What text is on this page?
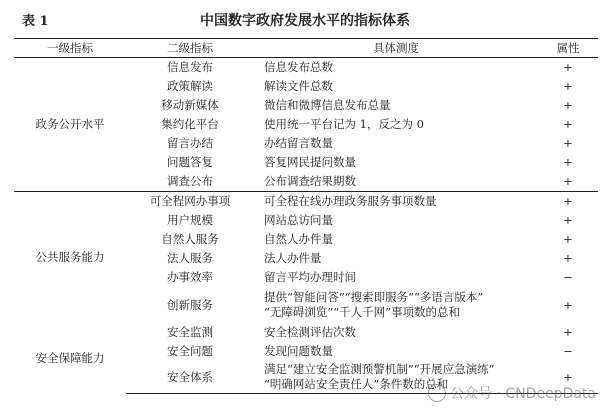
表 1	中国数字政府发展水平的指标体系
一级指标	二级指标	具体测度	属性
政务公开水平	信息发布	信息发布总数	+
	政策解读	解读文件总数	+
	移动新媒体	微信和微博信息发布总量	+
	集约化平台	使用统一平台记为 1，反之为 0	+
	留言办结	办结留言数量	+
	问题答复	答复网民提问数量	+
	调查公布	公布调查结果期数	+
公共服务能力	可全程网办事项	可全程在线办理政务服务事项数量	+
	用户规模	网站总访问量	+
	自然人服务	自然人办件量	+
	法人服务	法人办件量	+
	办事效率	留言平均办理时间	−
	创新服务	提供“智能问答”“搜索即服务”“多语言版本”
“无障碍浏览”“千人千网”事项数的总和	+
安全保障能力	安全监测	安全检测评估次数	+
	安全问题	发现问题数量	−
	安全体系	满足“建立安全监测预警机制”“开展应急演练”
“明确网站安全责任人”条件数的总和	+
公众号 · CNDeepData
